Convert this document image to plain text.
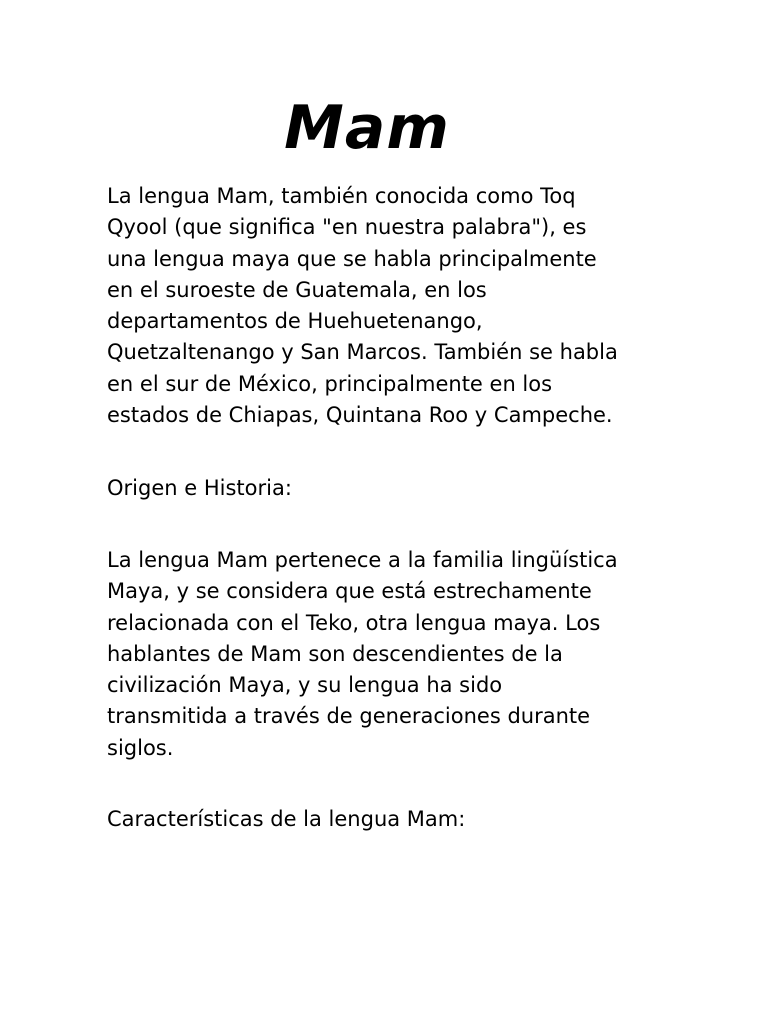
Mam

La lengua Mam, también conocida como Toq
Qyool (que significa "en nuestra palabra"), es
una lengua maya que se habla principalmente
en el suroeste de Guatemala, en los
departamentos de Huehuetenango,
Quetzaltenango y San Marcos. También se habla
en el sur de México, principalmente en los
estados de Chiapas, Quintana Roo y Campeche.

Origen e Historia:

La lengua Mam pertenece a la familia lingüística
Maya, y se considera que está estrechamente
relacionada con el Teko, otra lengua maya. Los
hablantes de Mam son descendientes de la
civilización Maya, y su lengua ha sido
transmitida a través de generaciones durante
siglos.

Características de la lengua Mam:
